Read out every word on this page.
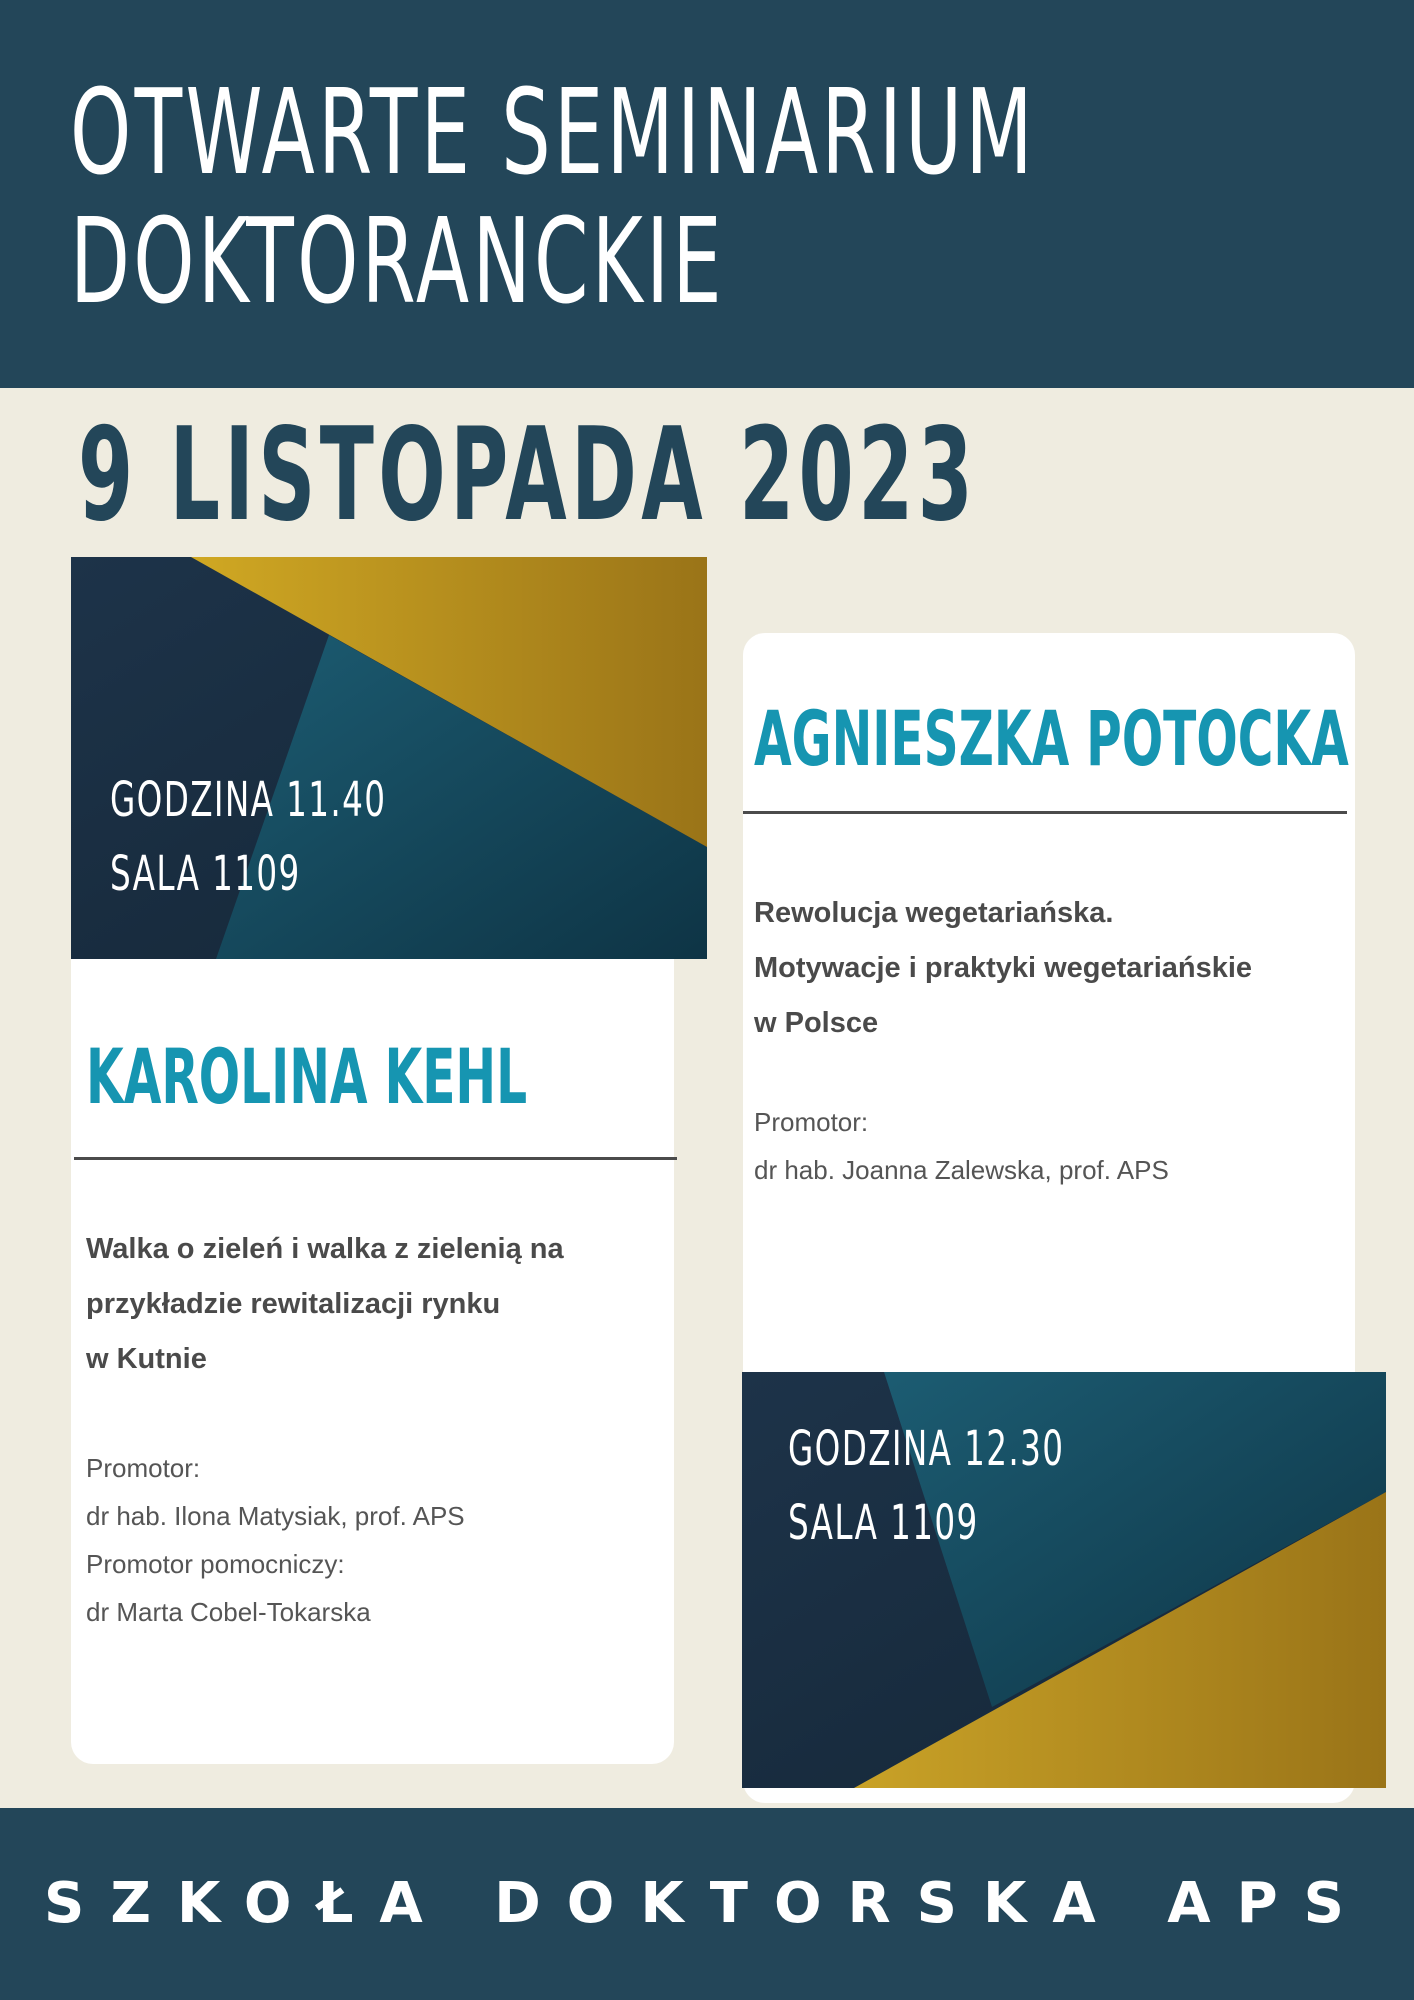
OTWARTE SEMINARIUM
DOKTORANCKIE
9 LISTOPADA 2023
GODZINA 11.40
SALA 1109
KAROLINA KEHL
Walka o zieleń i walka z zielenią na
przykładzie rewitalizacji rynku
w Kutnie
Promotor:
dr hab. Ilona Matysiak, prof. APS
Promotor pomocniczy:
dr Marta Cobel-Tokarska
AGNIESZKA POTOCKA
Rewolucja wegetariańska.
Motywacje i praktyki wegetariańskie
w Polsce
Promotor:
dr hab. Joanna Zalewska, prof. APS
GODZINA 12.30
SALA 1109
SZKOŁA DOKTORSKA APS
